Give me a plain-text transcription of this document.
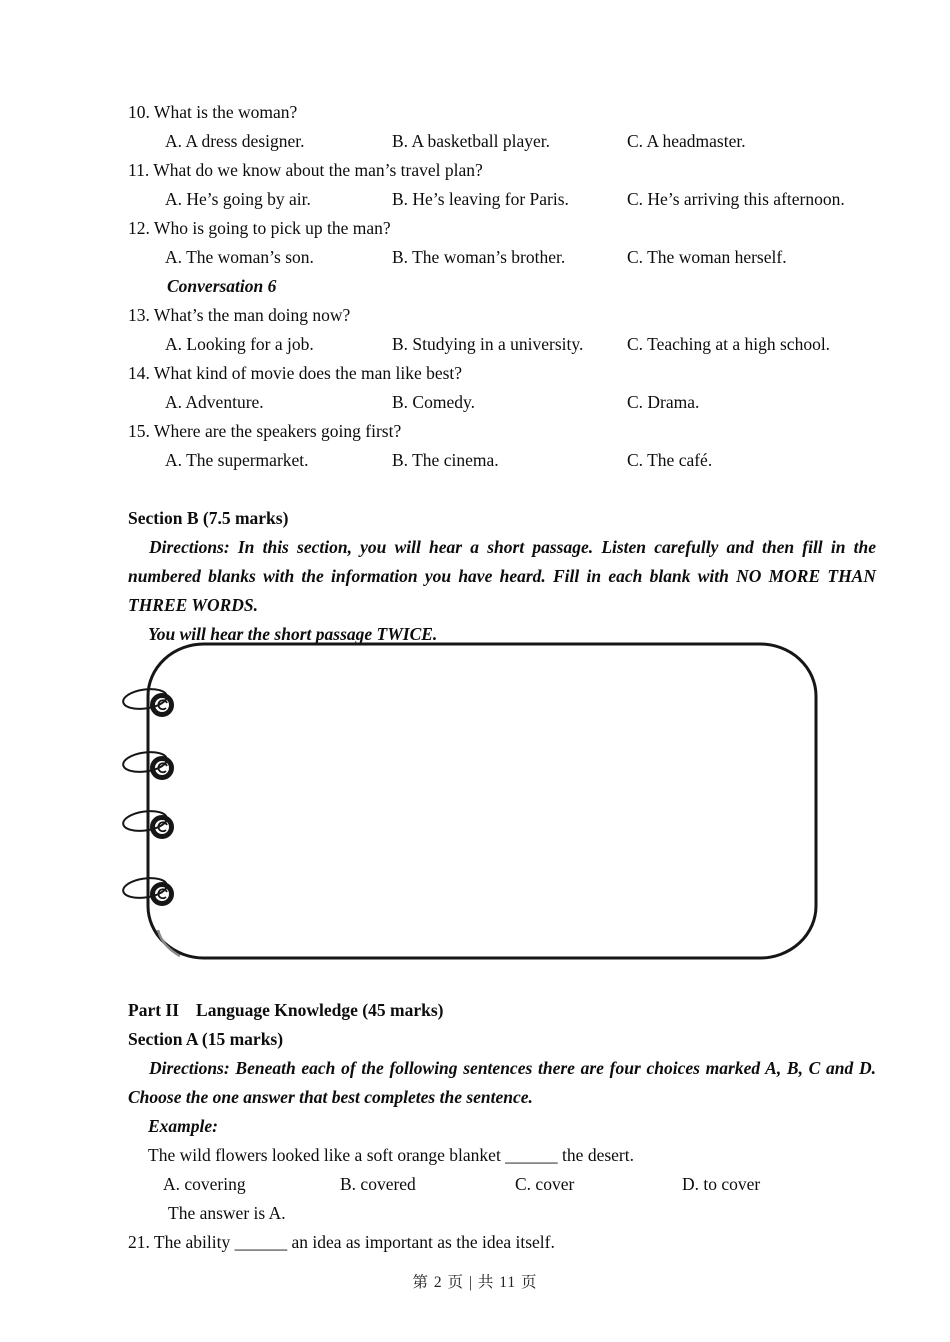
10. What is the woman?
A. A dress designer.	B. A basketball player.	C. A headmaster.
11. What do we know about the man’s travel plan?
A. He’s going by air.	B. He’s leaving for Paris.	C. He’s arriving this afternoon.
12. Who is going to pick up the man?
A. The woman’s son.	B. The woman’s brother.	C. The woman herself.
Conversation 6
13. What’s the man doing now?
A. Looking for a job.	B. Studying in a university. C. Teaching at a high school.
14. What kind of movie does the man like best?
A. Adventure.	B. Comedy.	C. Drama.
15. Where are the speakers going first?
A. The supermarket.	B. The cinema.	C. The café.
Section B (7.5 marks)

Directions: In this section, you will hear a short passage. Listen carefully and then fill in the numbered blanks with the information you have heard. Fill in each blank with NO MORE THAN THREE WORDS.

You will hear the short passage TWICE.
Part II Language Knowledge (45 marks)
Section A (15 marks)

Directions: Beneath each of the following sentences there are four choices marked A, B, C and D. Choose the one answer that best completes the sentence.

Example:
The wild flowers looked like a soft orange blanket ______ the desert.
A. covering	B. covered	C. cover	D. to cover
The answer is A.
21. The ability ______ an idea as important as the idea itself.
第 2 页 | 共 11 页
